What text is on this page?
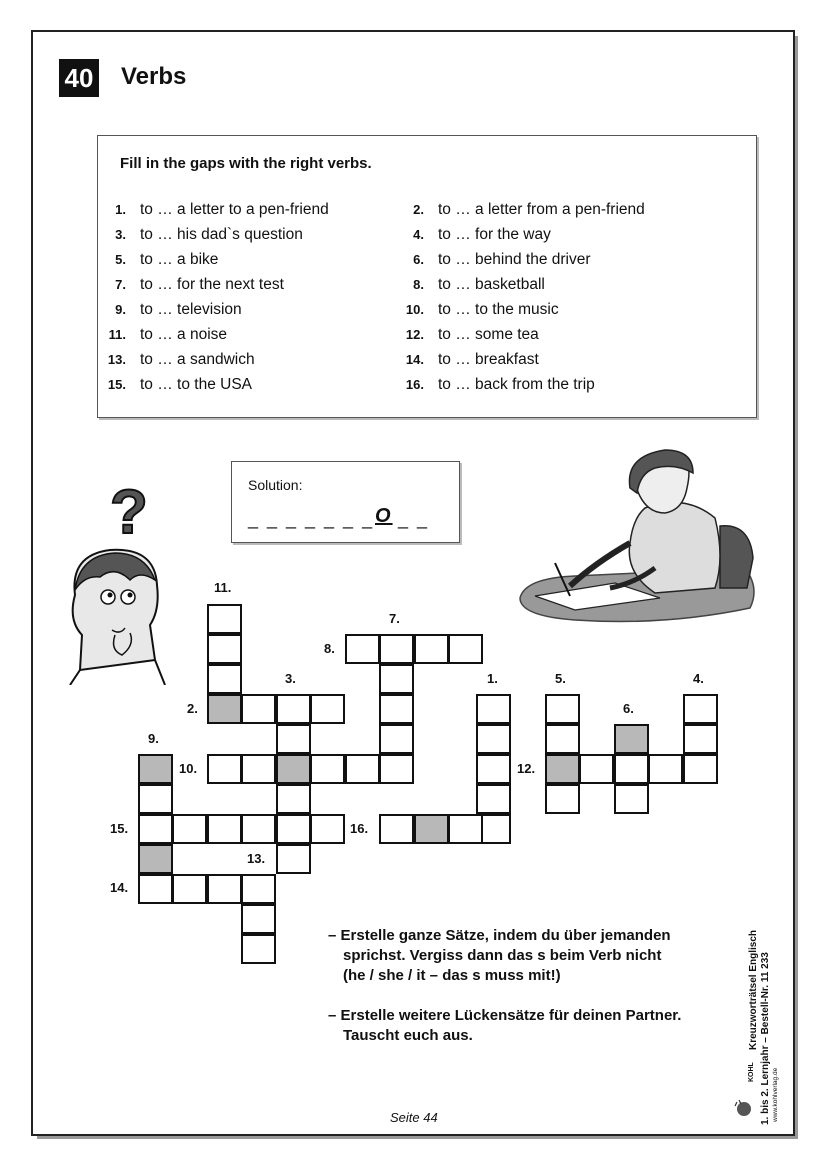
40 Verbs
Fill in the gaps with the right verbs.
1. to … a letter to a pen-friend
3. to … his dad`s question
5. to … a bike
7. to … for the next test
9. to … television
11. to … a noise
13. to … a sandwich
15. to … to the USA
2. to … a letter from a pen-friend
4. to … for the way
6. to … behind the driver
8. to … basketball
10. to … to the music
12. to … some tea
14. to … breakfast
16. to … back from the trip
Solution:
_ _ _ _ _ _ _ O _ _
?
11.
7.
8.
3.	1.	5.	4.
2.	6.
9.
10.	12.
15.	16.
13.
14.
– Erstelle ganze Sätze, indem du über jemanden
sprichst. Vergiss dann das s beim Verb nicht
(he / she / it – das s muss mit!)
– Erstelle weitere Lückensätze für deinen Partner.
Tauscht euch aus.	Kreuzworträtsel Englisch 1. bis 2. Lernjahr – Bestell-Nr. 11 233 www.kohlverlag.de
KOHL
Seite 44
